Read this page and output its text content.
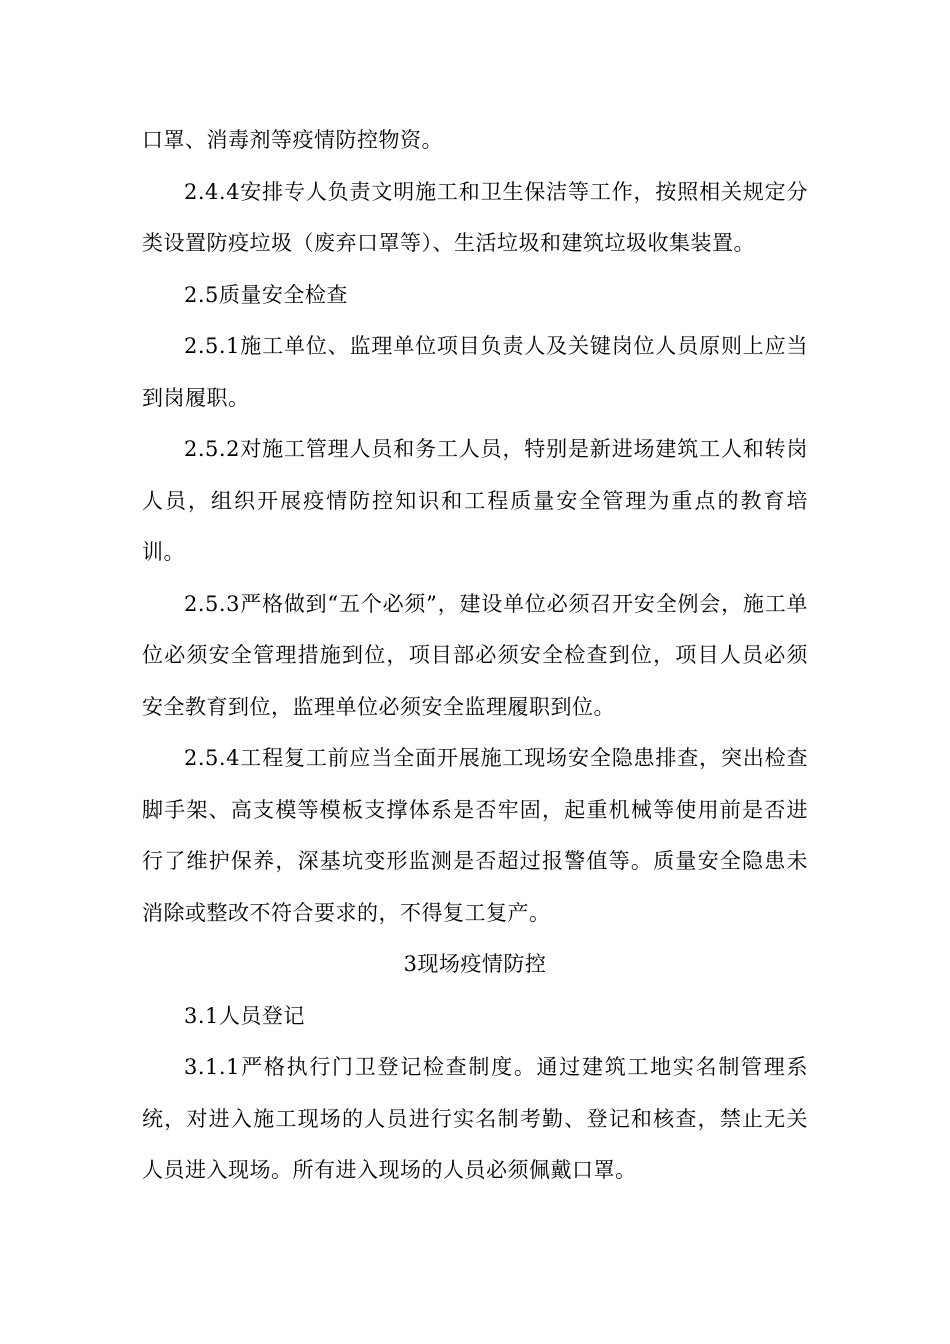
口罩、消毒剂等疫情防控物资。

2.4.4安排专人负责文明施工和卫生保洁等工作，按照相关规定分类设置防疫垃圾（废弃口罩等）、生活垃圾和建筑垃圾收集装置。

2.5质量安全检查

2.5.1施工单位、监理单位项目负责人及关键岗位人员原则上应当到岗履职。

2.5.2对施工管理人员和务工人员，特别是新进场建筑工人和转岗人员，组织开展疫情防控知识和工程质量安全管理为重点的教育培训。

2.5.3严格做到“五个必须”，建设单位必须召开安全例会，施工单位必须安全管理措施到位，项目部必须安全检查到位，项目人员必须安全教育到位，监理单位必须安全监理履职到位。

2.5.4工程复工前应当全面开展施工现场安全隐患排查，突出检查脚手架、高支模等模板支撑体系是否牢固，起重机械等使用前是否进行了维护保养，深基坑变形监测是否超过报警值等。质量安全隐患未消除或整改不符合要求的，不得复工复产。

3现场疫情防控

3.1人员登记

3.1.1严格执行门卫登记检查制度。通过建筑工地实名制管理系统，对进入施工现场的人员进行实名制考勤、登记和核查，禁止无关人员进入现场。所有进入现场的人员必须佩戴口罩。
